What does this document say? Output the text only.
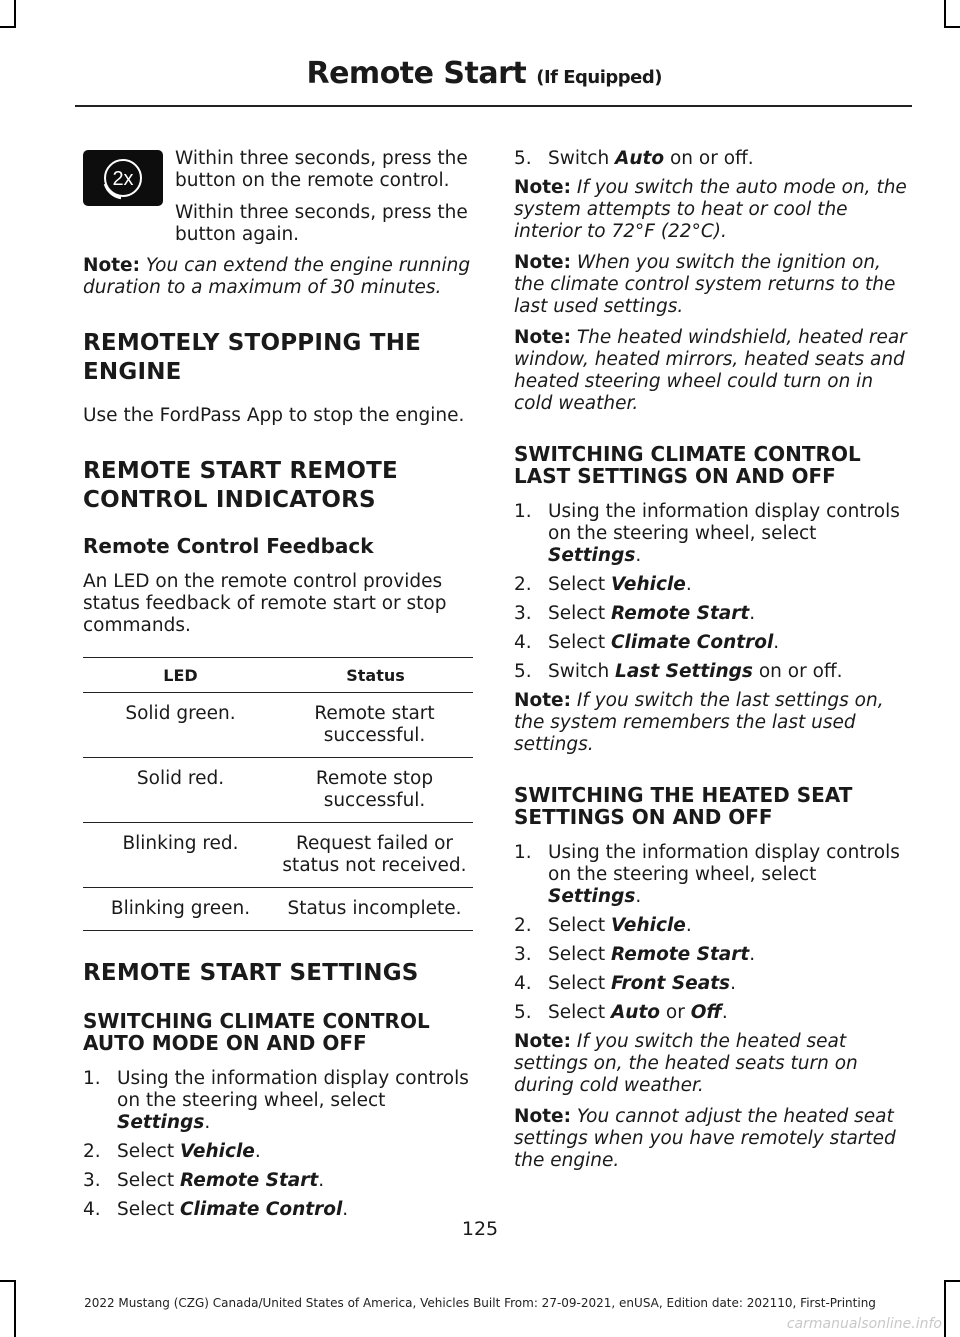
Remote Start (If Equipped)
2x

Within three seconds, press the button on the remote control.

Within three seconds, press the button again.

Note: You can extend the engine running duration to a maximum of 30 minutes.

REMOTELY STOPPING THE
ENGINE

Use the FordPass App to stop the engine.

REMOTE START REMOTE
CONTROL INDICATORS
Remote Control Feedback

An LED on the remote control provides status feedback of remote start or stop commands.

LED	Status
Solid green.	Remote start successful.
Solid red.	Remote stop successful.
Blinking red.	Request failed or status not received.
Blinking green.	Status incomplete.
REMOTE START SETTINGS
SWITCHING CLIMATE CONTROL
AUTO MODE ON AND OFF
1. Using the information display controls on the steering wheel, select Settings.
2. Select Vehicle.
3. Select Remote Start.
4. Select Climate Control.
5. Switch Auto on or off.

Note: If you switch the auto mode on, the system attempts to heat or cool the interior to 72°F (22°C).

Note: When you switch the ignition on, the climate control system returns to the last used settings.

Note: The heated windshield, heated rear window, heated mirrors, heated seats and heated steering wheel could turn on in cold weather.

SWITCHING CLIMATE CONTROL
LAST SETTINGS ON AND OFF
1. Using the information display controls on the steering wheel, select Settings.
2. Select Vehicle.
3. Select Remote Start.
4. Select Climate Control.
5. Switch Last Settings on or off.

Note: If you switch the last settings on, the system remembers the last used settings.

SWITCHING THE HEATED SEAT
SETTINGS ON AND OFF
1. Using the information display controls on the steering wheel, select Settings.
2. Select Vehicle.
3. Select Remote Start.
4. Select Front Seats.
5. Select Auto or Off.

Note: If you switch the heated seat settings on, the heated seats turn on during cold weather.

Note: You cannot adjust the heated seat settings when you have remotely started the engine.

125
2022 Mustang (CZG) Canada/United States of America, Vehicles Built From: 27-09-2021, enUSA, Edition date: 202110, First-Printing
carmanualsonline.info
